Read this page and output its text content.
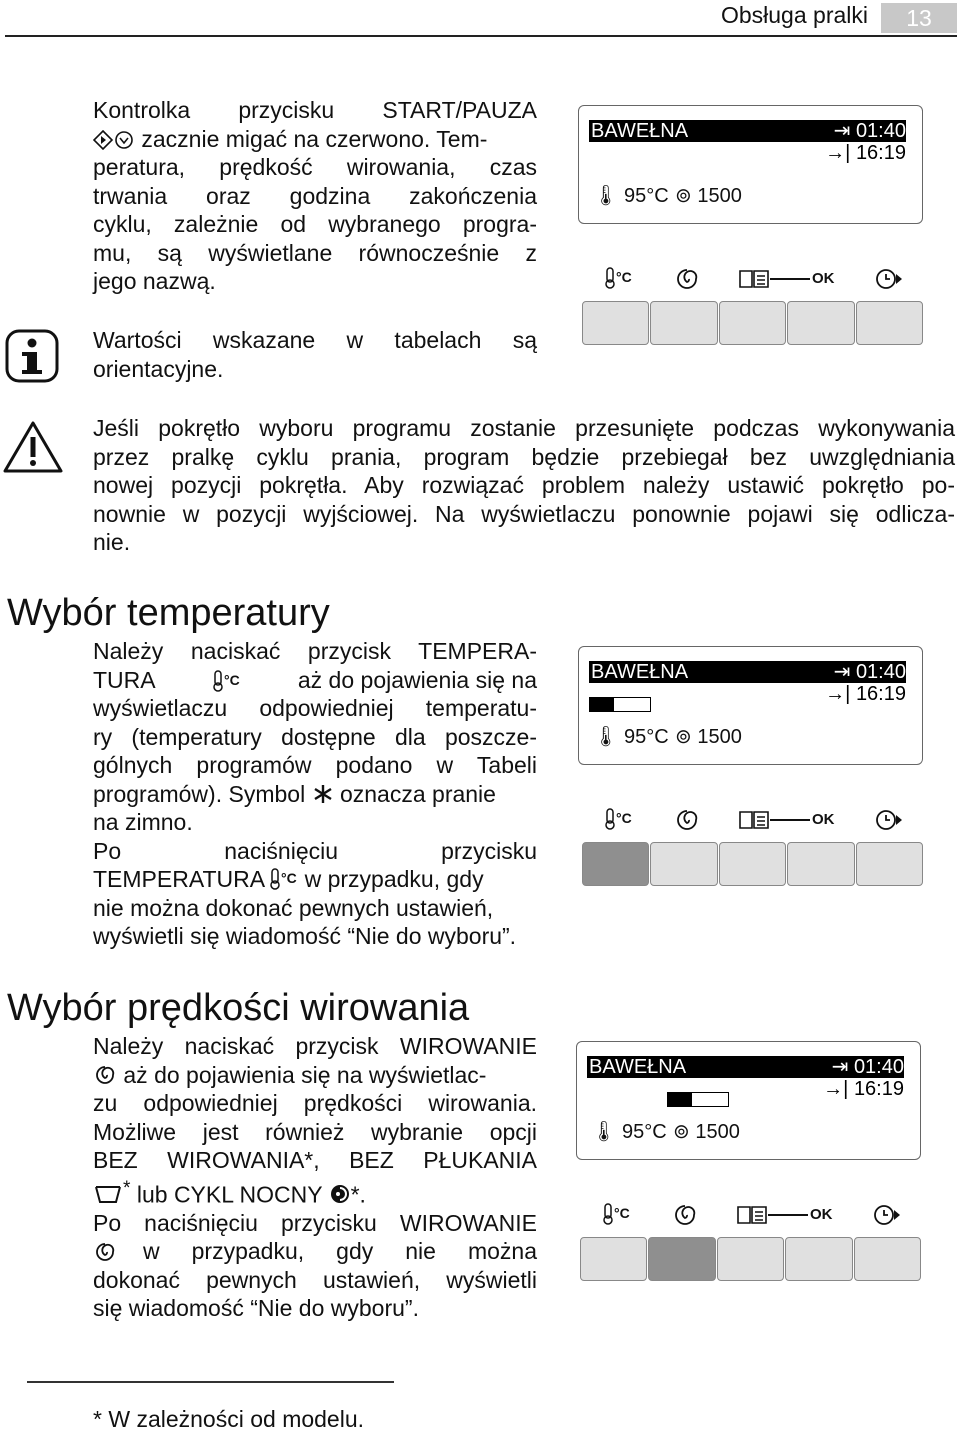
Obsługa pralki	13
Kontrolka przycisku START/PAUZA
zacznie migać na czerwono. Tem-
peratura, prędkość wirowania, czas
trwania oraz godzina zakończenia
cyklu, zależnie od wybranego progra-
mu, są wyświetlane równocześnie z
jego nazwą.
Wartości wskazane w tabelach są
orientacyjne.
Jeśli pokrętło wyboru programu zostanie przesunięte podczas wykonywania
przez pralkę cyklu prania, program będzie przebiegał bez uwzględniania
nowej pozycji pokrętła. Aby rozwiązać problem należy ustawić pokrętło po-
nownie w pozycji wyjściowej. Na wyświetlaczu ponownie pojawi się odlicza-
nie.
Wybór temperatury
Należy naciskać przycisk TEMPERA-
TURA	°C	aż do pojawienia się na
wyświetlaczu odpowiedniej temperatu-
ry (temperatury dostępne dla poszcze-
gólnych programów podano w Tabeli
programów). Symbol oznacza pranie
na zimno.
Po naciśnięciu przycisku
TEMPERATURA °C w przypadku, gdy
nie można dokonać pewnych ustawień,
wyświetli się wiadomość “Nie do wyboru”.
Wybór prędkości wirowania
Należy naciskać przycisk WIROWANIE
aż do pojawienia się na wyświetlac-
zu odpowiedniej prędkości wirowania.
Możliwe jest również wybranie opcji
BEZ WIROWANIA*, BEZ PŁUKANIA
* lub CYKL NOCNY *.
Po naciśnięciu przycisku WIROWANIE
w przypadku, gdy nie można
dokonać pewnych ustawień, wyświetli
się wiadomość “Nie do wyboru”.
BAWEŁNA	⇥ 01:40
→| 16:19
🌡︎ 95°C ⊚ 1500
°C	OK
BAWEŁNA	⇥ 01:40
→| 16:19
🌡︎ 95°C ⊚ 1500
°C	OK
BAWEŁNA	⇥ 01:40
→| 16:19
🌡︎ 95°C ⊚ 1500
°C	OK
* W zależności od modelu.
